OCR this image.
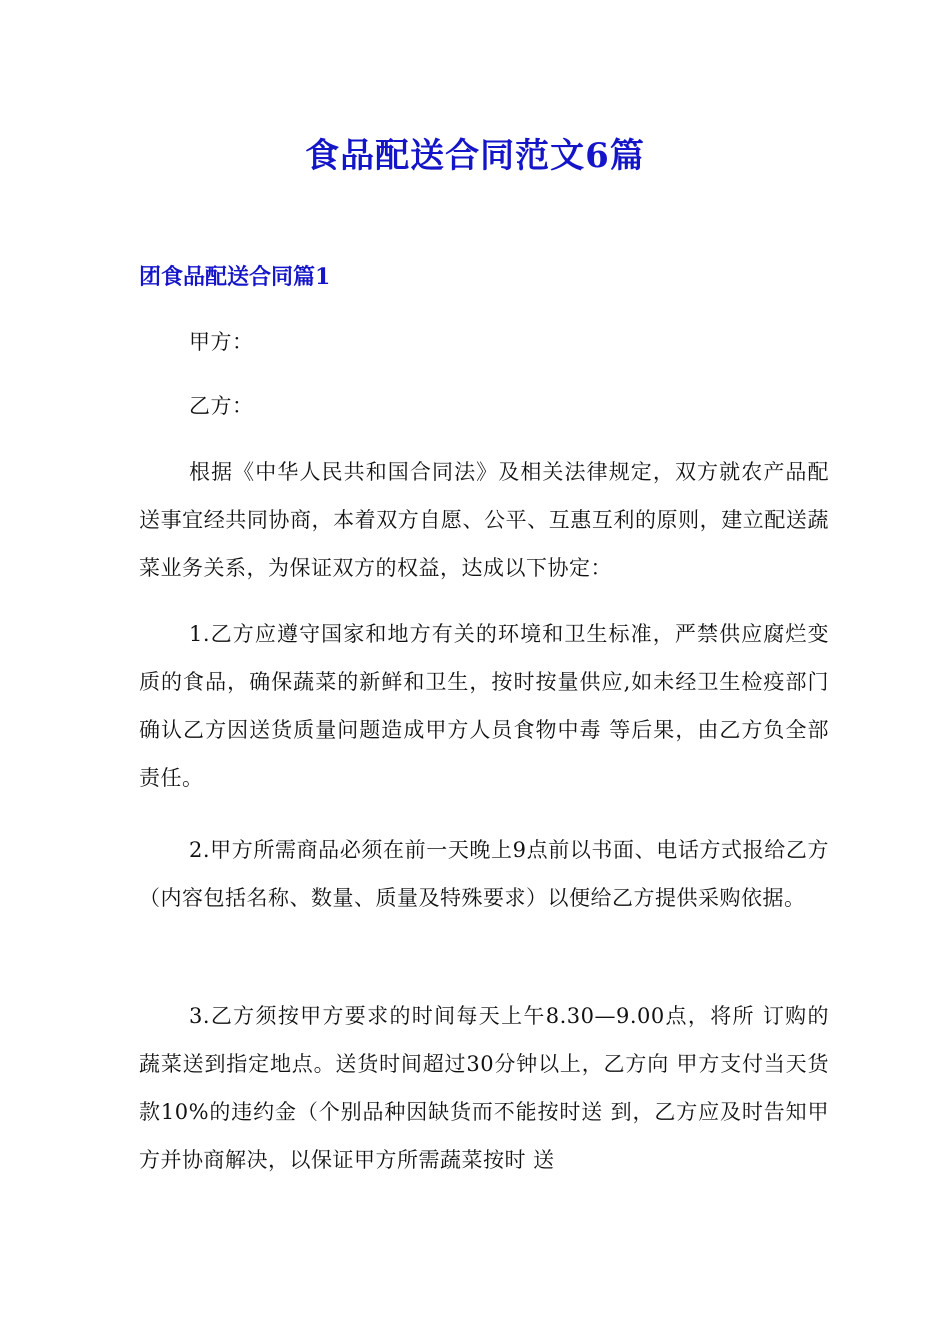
食品配送合同范文6篇
团食品配送合同篇1

甲方：

乙方：

根据《中华人民共和国合同法》及相关法律规定，双方就农产品配送事宜经共同协商，本着双方自愿、公平、互惠互利的原则，建立配送蔬菜业务关系，为保证双方的权益，达成以下协定：

1.乙方应遵守国家和地方有关的环境和卫生标准，严禁供应腐烂变质的食品，确保蔬菜的新鲜和卫生，按时按量供应,如未经卫生检疫部门确认乙方因送货质量问题造成甲方人员食物中毒 等后果，由乙方负全部责任。

2.甲方所需商品必须在前一天晚上9点前以书面、电话方式报给乙方（内容包括名称、数量、质量及特殊要求）以便给乙方提供采购依据。

3.乙方须按甲方要求的时间每天上午8.30—9.00点，将所 订购的蔬菜送到指定地点。送货时间超过30分钟以上，乙方向 甲方支付当天货款10%的违约金（个别品种因缺货而不能按时送 到，乙方应及时告知甲方并协商解决，以保证甲方所需蔬菜按时 送
